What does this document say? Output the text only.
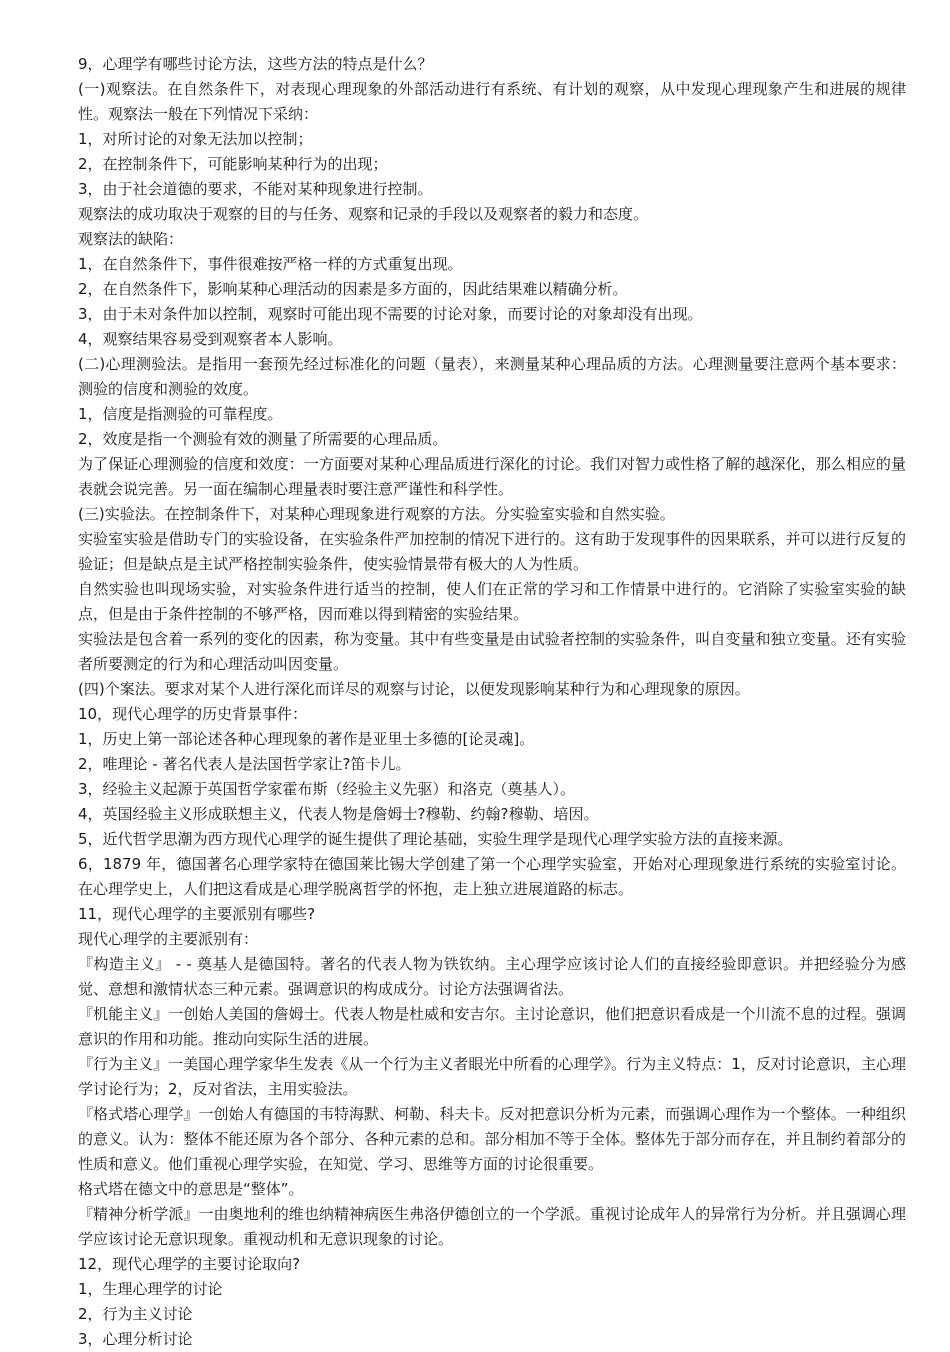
9，心理学有哪些讨论方法，这些方法的特点是什么？

(一)观察法。在自然条件下，对表现心理现象的外部活动进行有系统、有计划的观察，从中发现心理现象产生和进展的规律性。观察法一般在下列情况下采纳：

1，对所讨论的对象无法加以控制；

2，在控制条件下，可能影响某种行为的出现；

3，由于社会道德的要求，不能对某种现象进行控制。

观察法的成功取决于观察的目的与任务、观察和记录的手段以及观察者的毅力和态度。

观察法的缺陷：

1，在自然条件下，事件很难按严格一样的方式重复出现。

2，在自然条件下，影响某种心理活动的因素是多方面的，因此结果难以精确分析。

3，由于未对条件加以控制，观察时可能出现不需要的讨论对象，而要讨论的对象却没有出现。

4，观察结果容易受到观察者本人影响。

(二)心理测验法。是指用一套预先经过标准化的问题（量表），来测量某种心理品质的方法。心理测量要注意两个基本要求：测验的信度和测验的效度。

1，信度是指测验的可靠程度。

2，效度是指一个测验有效的测量了所需要的心理品质。

为了保证心理测验的信度和效度：一方面要对某种心理品质进行深化的讨论。我们对智力或性格了解的越深化，那么相应的量表就会说完善。另一面在编制心理量表时要注意严谨性和科学性。

(三)实验法。在控制条件下，对某种心理现象进行观察的方法。分实验室实验和自然实验。

实验室实验是借助专门的实验设备，在实验条件严加控制的情况下进行的。这有助于发现事件的因果联系，并可以进行反复的验证；但是缺点是主试严格控制实验条件，使实验情景带有极大的人为性质。

自然实验也叫现场实验，对实验条件进行适当的控制，使人们在正常的学习和工作情景中进行的。它消除了实验室实验的缺点，但是由于条件控制的不够严格，因而难以得到精密的实验结果。

实验法是包含着一系列的变化的因素，称为变量。其中有些变量是由试验者控制的实验条件，叫自变量和独立变量。还有实验者所要测定的行为和心理活动叫因变量。

(四)个案法。要求对某个人进行深化而详尽的观察与讨论，以便发现影响某种行为和心理现象的原因。

10，现代心理学的历史背景事件：

1，历史上第一部论述各种心理现象的著作是亚里士多德的[论灵魂]。

2，唯理论 - 著名代表人是法国哲学家让?笛卡儿。

3，经验主义起源于英国哲学家霍布斯（经验主义先驱）和洛克（奠基人）。

4，英国经验主义形成联想主义，代表人物是詹姆士?穆勒、约翰?穆勒、培因。

5，近代哲学思潮为西方现代心理学的诞生提供了理论基础，实验生理学是现代心理学实验方法的直接来源。

6，1879 年，德国著名心理学家特在德国莱比锡大学创建了第一个心理学实验室，开始对心理现象进行系统的实验室讨论。在心理学史上，人们把这看成是心理学脱离哲学的怀抱，走上独立进展道路的标志。

11，现代心理学的主要派别有哪些?

现代心理学的主要派别有：

『构造主义』 - - 奠基人是德国特。著名的代表人物为铁钦纳。主心理学应该讨论人们的直接经验即意识。并把经验分为感觉、意想和激情状态三种元素。强调意识的构成成分。讨论方法强调省法。

『机能主义』一创始人美国的詹姆士。代表人物是杜威和安吉尔。主讨论意识，他们把意识看成是一个川流不息的过程。强调意识的作用和功能。推动向实际生活的进展。

『行为主义』一美国心理学家华生发表《从一个行为主义者眼光中所看的心理学》。行为主义特点：1，反对讨论意识，主心理学讨论行为；2，反对省法，主用实验法。

『格式塔心理学』一创始人有德国的韦特海默、柯勒、科夫卡。反对把意识分析为元素，而强调心理作为一个整体。一种组织的意义。认为：整体不能还原为各个部分、各种元素的总和。部分相加不等于全体。整体先于部分而存在，并且制约着部分的性质和意义。他们重视心理学实验，在知觉、学习、思维等方面的讨论很重要。

格式塔在德文中的意思是“整体”。

『精神分析学派』一由奥地利的维也纳精神病医生弗洛伊德创立的一个学派。重视讨论成年人的异常行为分析。并且强调心理学应该讨论无意识现象。重视动机和无意识现象的讨论。

12，现代心理学的主要讨论取向?

1，生理心理学的讨论

2，行为主义讨论

3，心理分析讨论
